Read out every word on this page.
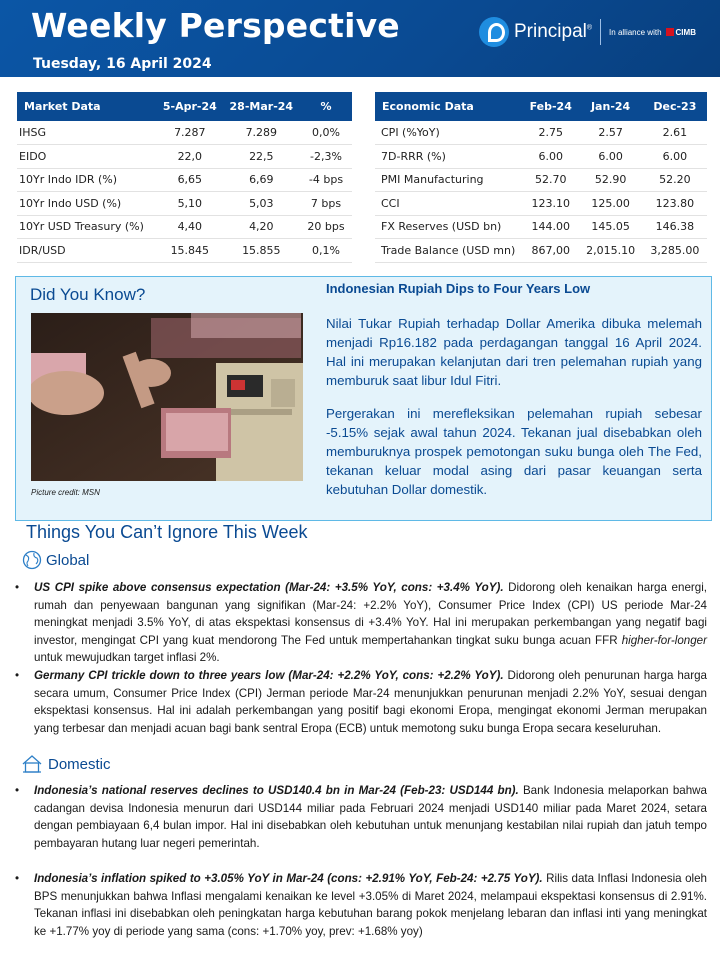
Weekly Perspective
Tuesday, 16 April 2024
Principal® In alliance with CIMB
Market Data	5-Apr-24	28-Mar-24	%
IHSG	7.287	7.289	0,0%
EIDO	22,0	22,5	-2,3%
10Yr Indo IDR (%)	6,65	6,69	-4 bps
10Yr Indo USD (%)	5,10	5,03	7 bps
10Yr USD Treasury (%)	4,40	4,20	20 bps
IDR/USD	15.845	15.855	0,1%
Economic Data	Feb-24	Jan-24	Dec-23
CPI (%YoY)	2.75	2.57	2.61
7D-RRR (%)	6.00	6.00	6.00
PMI Manufacturing	52.70	52.90	52.20
CCI	123.10	125.00	123.80
FX Reserves (USD bn)	144.00	145.05	146.38
Trade Balance (USD mn)	867,00	2,015.10	3,285.00
Did You Know?
Picture credit: MSN
Indonesian Rupiah Dips to Four Years Low
Nilai Tukar Rupiah terhadap Dollar Amerika dibuka melemah menjadi Rp16.182 pada perdagangan tanggal 16 April 2024. Hal ini merupakan kelanjutan dari tren pelemahan rupiah yang memburuk saat libur Idul Fitri.
Pergerakan ini merefleksikan pelemahan rupiah sebesar -5.15% sejak awal tahun 2024. Tekanan jual disebabkan oleh memburuknya prospek pemotongan suku bunga oleh The Fed, tekanan keluar modal asing dari pasar keuangan serta kebutuhan Dollar domestik.
Things You Can’t Ignore This Week
Global
• US CPI spike above consensus expectation (Mar-24: +3.5% YoY, cons: +3.4% YoY). Didorong oleh kenaikan harga energi, rumah dan penyewaan bangunan yang signifikan (Mar-24: +2.2% YoY), Consumer Price Index (CPI) US periode Mar-24 meningkat menjadi 3.5% YoY, di atas ekspektasi konsensus di +3.4% YoY. Hal ini merupakan perkembangan yang negatif bagi investor, mengingat CPI yang kuat mendorong The Fed untuk mempertahankan tingkat suku bunga acuan FFR higher-for-longer untuk mewujudkan target inflasi 2%.
• Germany CPI trickle down to three years low (Mar-24: +2.2% YoY, cons: +2.2% YoY). Didorong oleh penurunan harga harga secara umum, Consumer Price Index (CPI) Jerman periode Mar-24 menunjukkan penurunan menjadi 2.2% YoY, sesuai dengan ekspektasi konsensus. Hal ini adalah perkembangan yang positif bagi ekonomi Eropa, mengingat ekonomi Jerman merupakan yang terbesar dan menjadi acuan bagi bank sentral Eropa (ECB) untuk memotong suku bunga Eropa secara keseluruhan.
Domestic
• Indonesia’s national reserves declines to USD140.4 bn in Mar-24 (Feb-23: USD144 bn). Bank Indonesia melaporkan bahwa cadangan devisa Indonesia menurun dari USD144 miliar pada Februari 2024 menjadi USD140 miliar pada Maret 2024, setara dengan pembiayaan 6,4 bulan impor. Hal ini disebabkan oleh kebutuhan untuk menunjang kestabilan nilai rupiah dan jatuh tempo pembayaran hutang luar negeri pemerintah.
• Indonesia’s inflation spiked to +3.05% YoY in Mar-24 (cons: +2.91% YoY, Feb-24: +2.75 YoY). Rilis data Inflasi Indonesia oleh BPS menunjukkan bahwa Inflasi mengalami kenaikan ke level +3.05% di Maret 2024, melampaui ekspektasi konsensus di 2.91%. Tekanan inflasi ini disebabkan oleh peningkatan harga kebutuhan barang pokok menjelang lebaran dan inflasi inti yang meningkat ke +1.77% yoy di periode yang sama (cons: +1.70% yoy, prev: +1.68% yoy)
